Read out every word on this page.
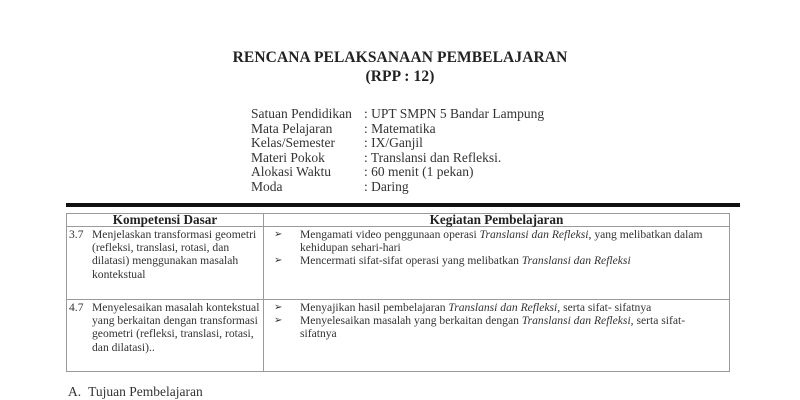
RENCANA PELAKSANAAN PEMBELAJARAN
(RPP : 12)
Satuan Pendidikan	: UPT SMPN 5 Bandar Lampung
Mata Pelajaran	: Matematika
Kelas/Semester	: IX/Ganjil
Materi Pokok	: Translansi dan Refleksi.
Alokasi Waktu	: 60 menit (1 pekan)
Moda	: Daring
Kompetensi Dasar	Kegiatan Pembelajaran

3.7 Menjelaskan transformasi geometri (refleksi, translasi, rotasi, dan dilatasi) menggunakan masalah kontekstual

➢	Mengamati video penggunaan operasi Translansi dan Refleksi, yang melibatkan dalam kehidupan sehari-hari
➢	Mencermati sifat-sifat operasi yang melibatkan Translansi dan Refleksi

4.7 Menyelesaikan masalah kontekstual yang berkaitan dengan transformasi geometri (refleksi, translasi, rotasi, dan dilatasi)..

➢	Menyajikan hasil pembelajaran Translansi dan Refleksi, serta sifat- sifatnya
➢	Menyelesaikan masalah yang berkaitan dengan Translansi dan Refleksi, serta sifat-sifatnya
A. Tujuan Pembelajaran
